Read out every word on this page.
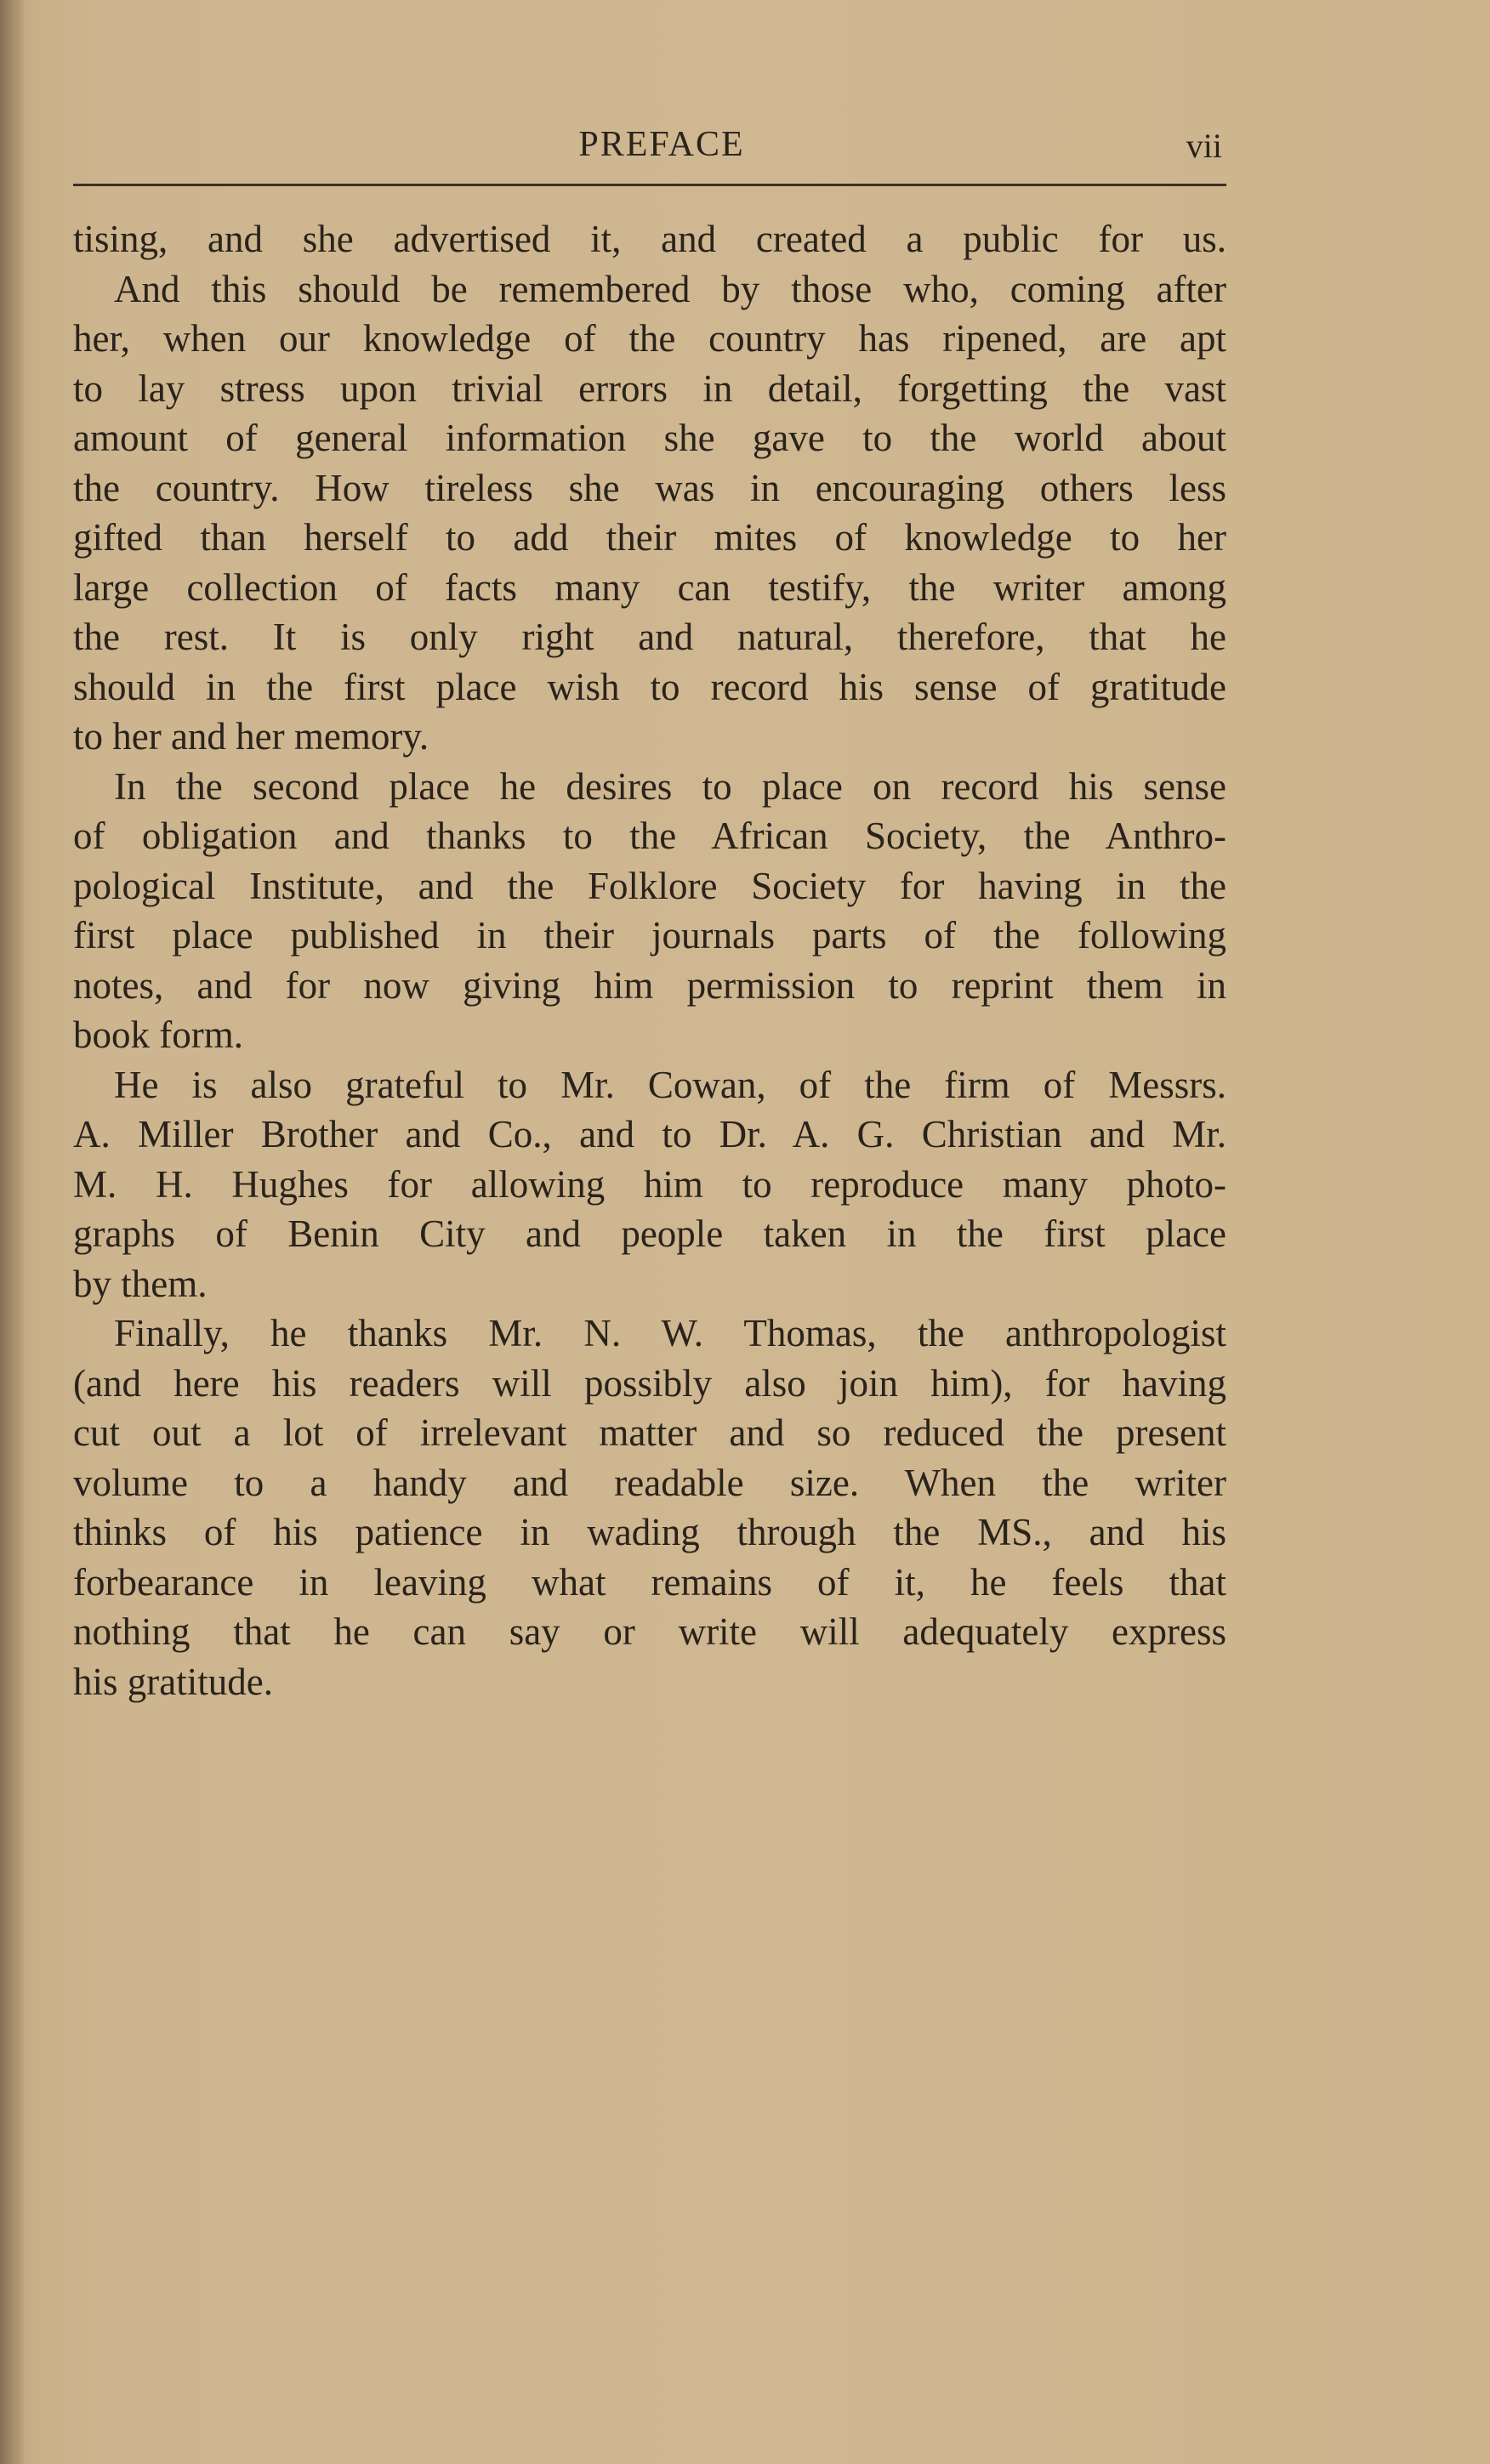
PREFACE	vii
tising, and she advertised it, and created a public for us.
And this should be remembered by those who, coming after
her, when our knowledge of the country has ripened, are apt
to lay stress upon trivial errors in detail, forgetting the vast
amount of general information she gave to the world about
the country. How tireless she was in encouraging others less
gifted than herself to add their mites of knowledge to her
large collection of facts many can testify, the writer among
the rest. It is only right and natural, therefore, that he
should in the first place wish to record his sense of gratitude
to her and her memory.
In the second place he desires to place on record his sense
of obligation and thanks to the African Society, the Anthro-
pological Institute, and the Folklore Society for having in the
first place published in their journals parts of the following
notes, and for now giving him permission to reprint them in
book form.
He is also grateful to Mr. Cowan, of the firm of Messrs.
A. Miller Brother and Co., and to Dr. A. G. Christian and Mr.
M. H. Hughes for allowing him to reproduce many photo-
graphs of Benin City and people taken in the first place
by them.
Finally, he thanks Mr. N. W. Thomas, the anthropologist
(and here his readers will possibly also join him), for having
cut out a lot of irrelevant matter and so reduced the present
volume to a handy and readable size. When the writer
thinks of his patience in wading through the MS., and his
forbearance in leaving what remains of it, he feels that
nothing that he can say or write will adequately express
his gratitude.
